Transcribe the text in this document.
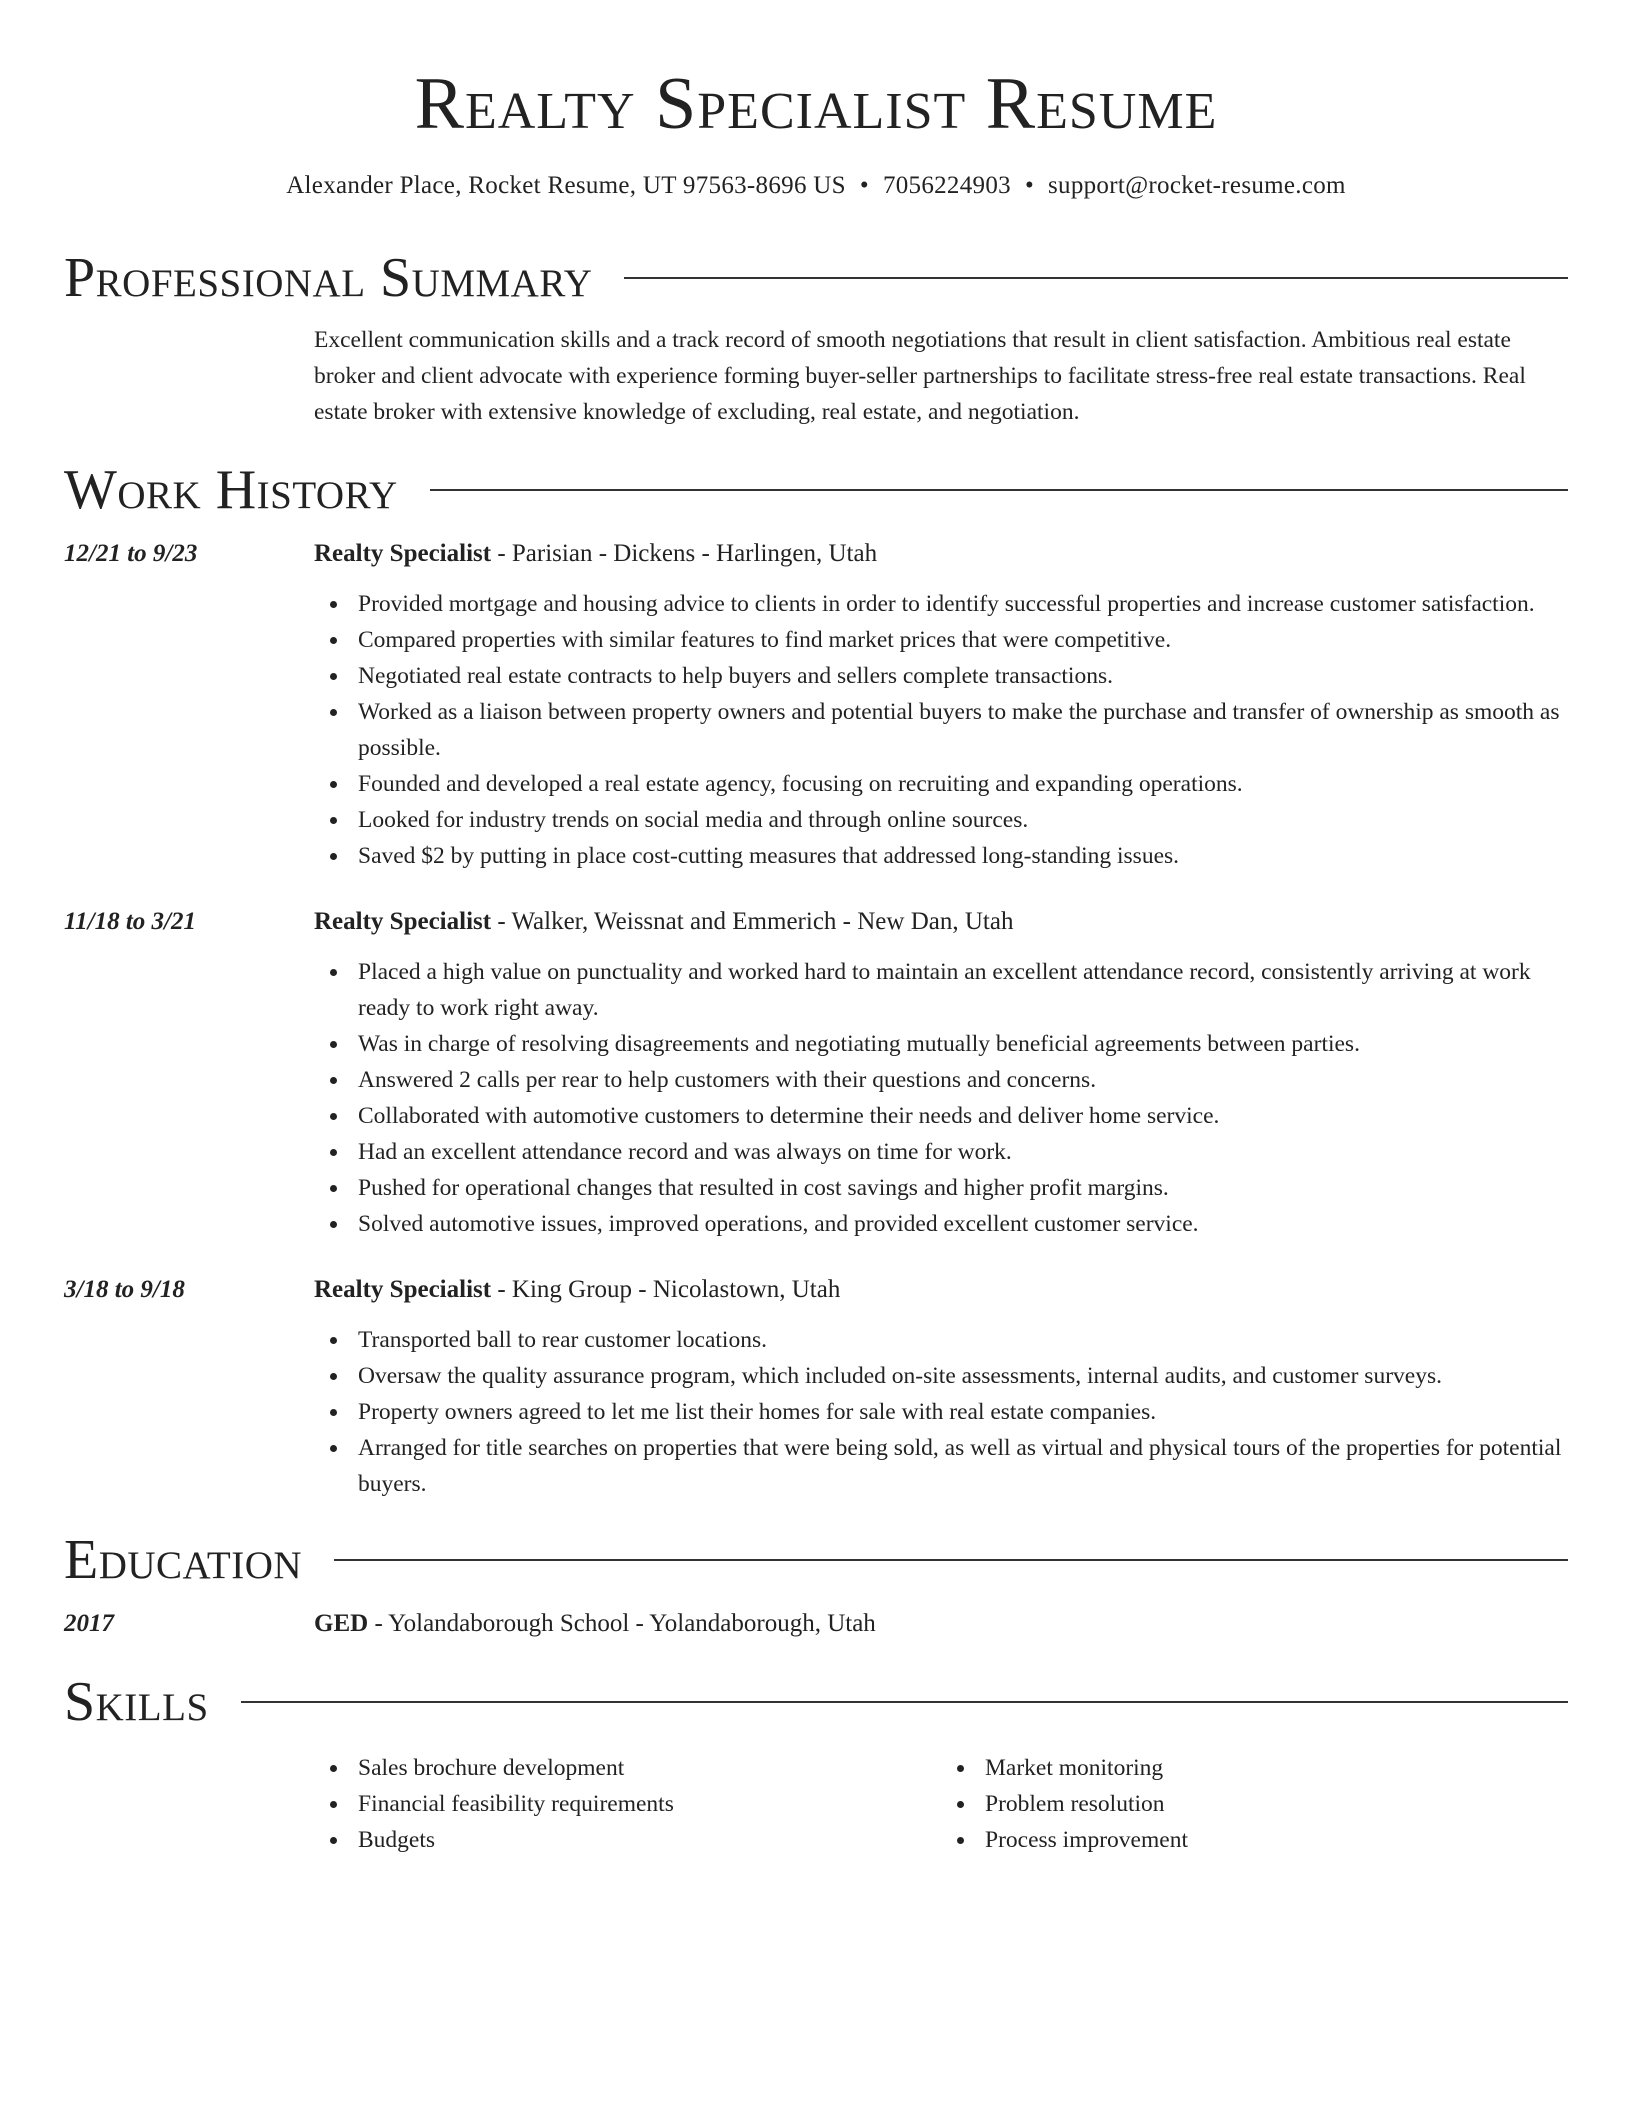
Realty Specialist Resume
Alexander Place, Rocket Resume, UT 97563-8696 US • 7056224903 • support@rocket-resume.com
Professional Summary
Excellent communication skills and a track record of smooth negotiations that result in client satisfaction. Ambitious real estate broker and client advocate with experience forming buyer-seller partnerships to facilitate stress-free real estate transactions. Real estate broker with extensive knowledge of excluding, real estate, and negotiation.
Work History
12/21 to 9/23	Realty Specialist - Parisian - Dickens - Harlingen, Utah
Provided mortgage and housing advice to clients in order to identify successful properties and increase customer satisfaction.
Compared properties with similar features to find market prices that were competitive.
Negotiated real estate contracts to help buyers and sellers complete transactions.
Worked as a liaison between property owners and potential buyers to make the purchase and transfer of ownership as smooth as possible.
Founded and developed a real estate agency, focusing on recruiting and expanding operations.
Looked for industry trends on social media and through online sources.
Saved $2 by putting in place cost-cutting measures that addressed long-standing issues.
11/18 to 3/21	Realty Specialist - Walker, Weissnat and Emmerich - New Dan, Utah
Placed a high value on punctuality and worked hard to maintain an excellent attendance record, consistently arriving at work ready to work right away.
Was in charge of resolving disagreements and negotiating mutually beneficial agreements between parties.
Answered 2 calls per rear to help customers with their questions and concerns.
Collaborated with automotive customers to determine their needs and deliver home service.
Had an excellent attendance record and was always on time for work.
Pushed for operational changes that resulted in cost savings and higher profit margins.
Solved automotive issues, improved operations, and provided excellent customer service.
3/18 to 9/18	Realty Specialist - King Group - Nicolastown, Utah
Transported ball to rear customer locations.
Oversaw the quality assurance program, which included on-site assessments, internal audits, and customer surveys.
Property owners agreed to let me list their homes for sale with real estate companies.
Arranged for title searches on properties that were being sold, as well as virtual and physical tours of the properties for potential buyers.
Education
2017	GED - Yolandaborough School - Yolandaborough, Utah
Skills
Sales brochure development
Financial feasibility requirements
Budgets
Market monitoring
Problem resolution
Process improvement
